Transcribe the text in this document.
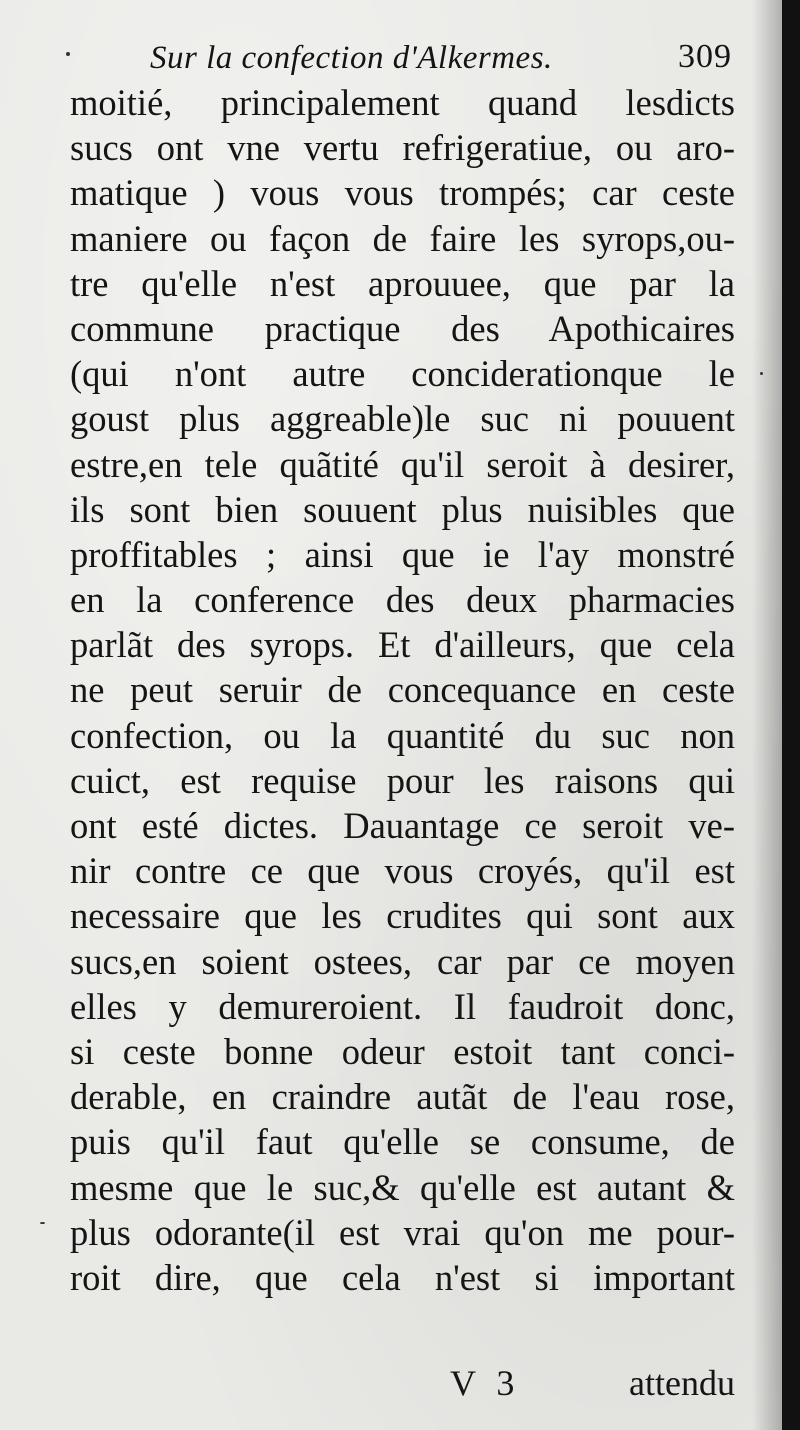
Sur la confection d'Alkermes.	309
moitié, principalement quand lesdicts
sucs ont vne vertu refrigeratiue, ou aro-
matique ) vous vous trompés; car ceste
maniere ou façon de faire les syrops,ou-
tre qu'elle n'est aprouuee, que par la
commune practique des Apothicaires
(qui n'ont autre conciderationque le
goust plus aggreable)le suc ni pouuent
estre,en tele quãtité qu'il seroit à desirer,
ils sont bien souuent plus nuisibles que
proffitables ; ainsi que ie l'ay monstré
en la conference des deux pharmacies
parlãt des syrops. Et d'ailleurs, que cela
ne peut seruir de concequance en ceste
confection, ou la quantité du suc non
cuict, est requise pour les raisons qui
ont esté dictes. Dauantage ce seroit ve-
nir contre ce que vous croyés, qu'il est
necessaire que les crudites qui sont aux
sucs,en soient ostees, car par ce moyen
elles y demureroient. Il faudroit donc,
si ceste bonne odeur estoit tant conci-
derable, en craindre autãt de l'eau rose,
puis qu'il faut qu'elle se consume, de
mesme que le suc,& qu'elle est autant &
plus odorante(il est vrai qu'on me pour-
roit dire, que cela n'est si important
V 3	attendu
